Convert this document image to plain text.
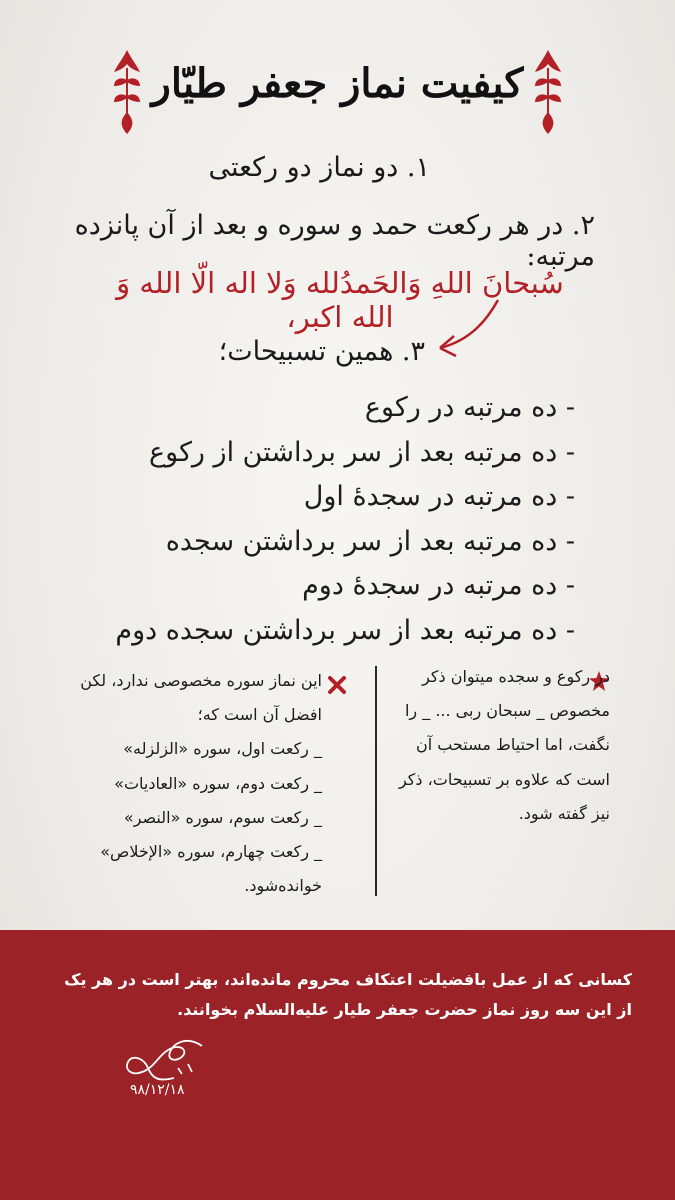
کیفیت نماز جعفر طیّار
۱. دو نماز دو رکعتی
۲. در هر رکعت حمد و سوره و بعد از آن پانزده مرتبه:
سُبحانَ اللهِ وَالحَمدُلله وَلا اله الّا الله وَ الله اکبر،
۳. همین تسبیحات؛
- ده مرتبه در رکوع
- ده مرتبه بعد از سر برداشتن از رکوع
- ده مرتبه در سجدۀ اول
- ده مرتبه بعد از سر برداشتن سجده
- ده مرتبه در سجدۀ دوم
- ده مرتبه بعد از سر برداشتن سجده دوم

در رکوع و سجده میتوان ذکر مخصوص _ سبحان ربی ... _ را نگفت، اما احتیاط مستحب آن است که علاوه بر تسبیحات، ذکر نیز گفته شود.

این نماز سوره مخصوصی ندارد، لکن افضل آن است که؛

_ رکعت اول، سوره «الزلزله»

_ رکعت دوم، سوره «العادیات»

_ رکعت سوم، سوره «النصر»

_ رکعت چهارم، سوره «الإخلاص»

خوانده‌شود.

کسانی که از عمل بافضیلت اعتکاف محروم مانده‌اند، بهتر است در هر یک از این سه روز نماز حضرت جعفر طیار علیه‌السلام بخوانند.
۹۸/۱۲/۱۸
